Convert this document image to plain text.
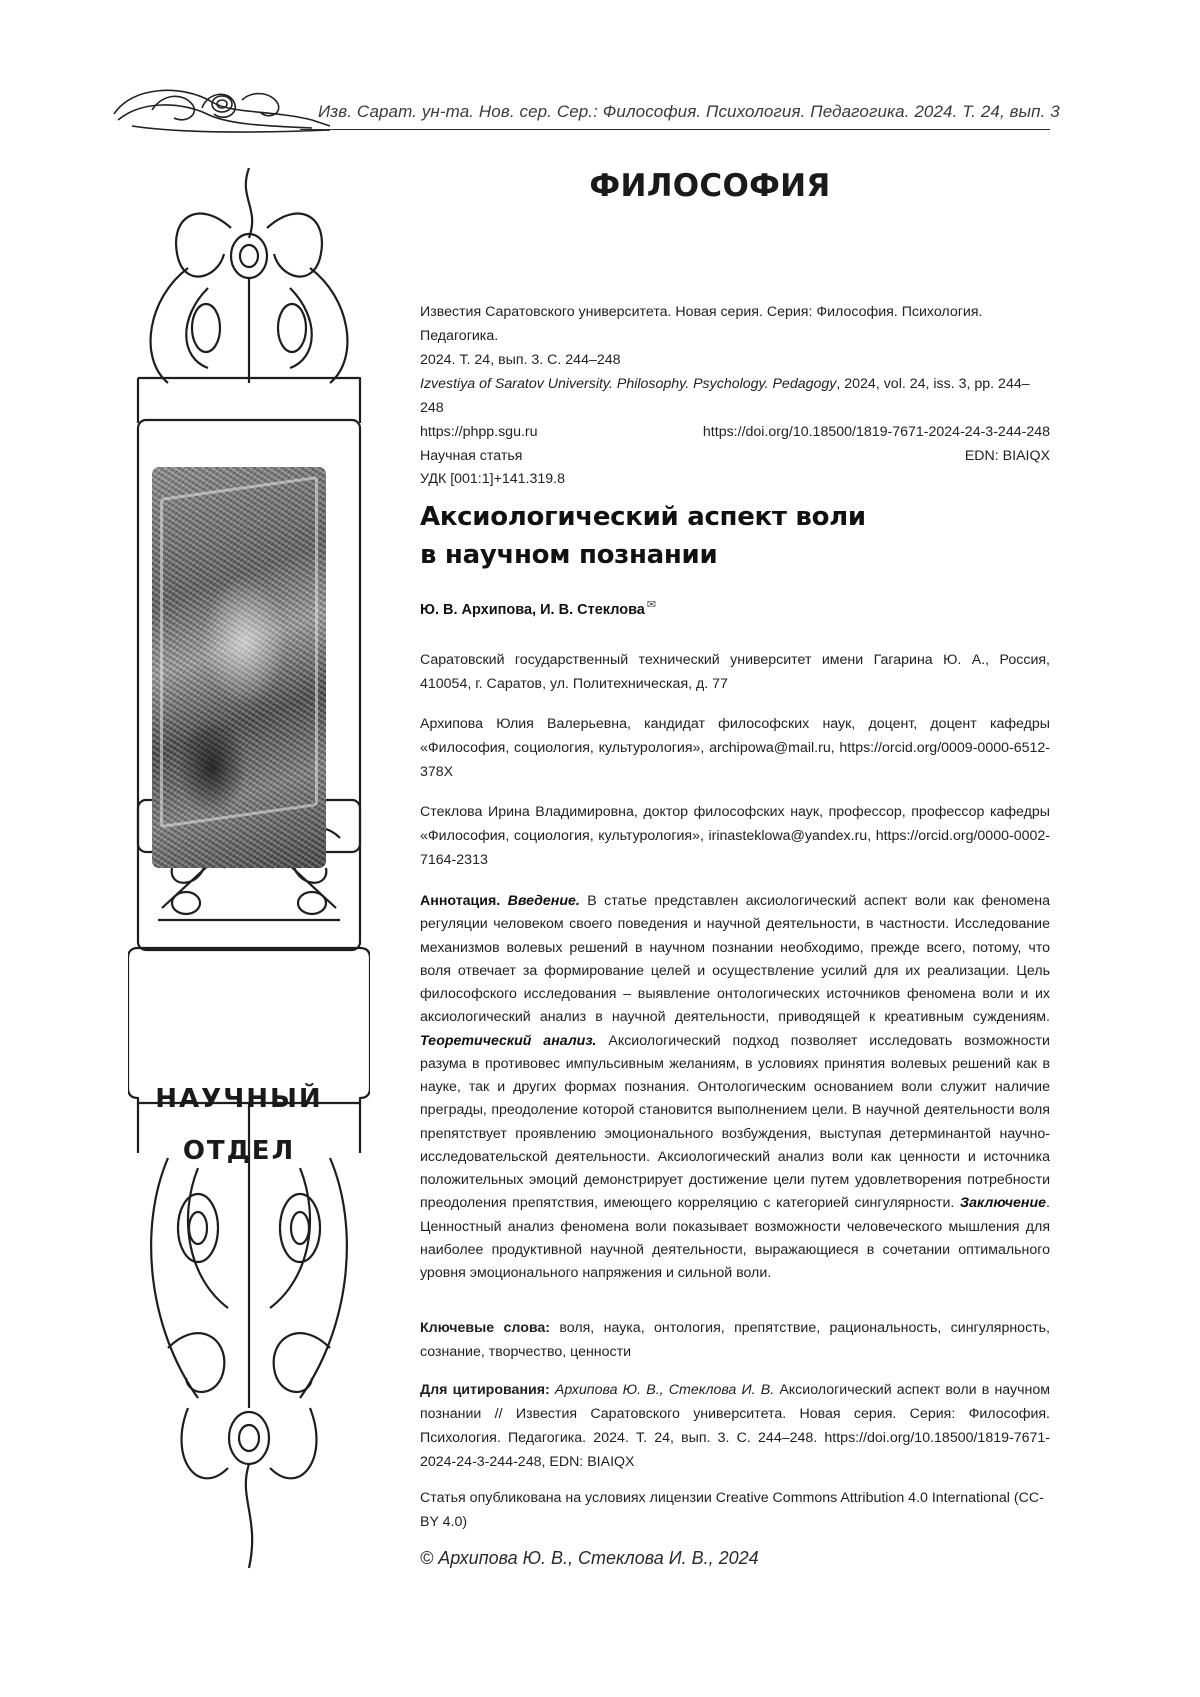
Изв. Сарат. ун-та. Нов. сер. Сер.: Философия. Психология. Педагогика. 2024. Т. 24, вып. 3
НАУЧНЫЙ
ОТДЕЛ
ФИЛОСОФИЯ
Известия Саратовского университета. Новая серия. Серия: Философия. Психология. Педагогика.
2024. Т. 24, вып. 3. С. 244–248
Izvestiya of Saratov University. Philosophy. Psychology. Pedagogy, 2024, vol. 24, iss. 3, pp. 244–248
https://phpp.sgu.ru	https://doi.org/10.18500/1819-7671-2024-24-3-244-248
EDN: BIAIQX
Научная статья
УДК [001:1]+141.319.8
Аксиологический аспект воли
в научном познании
Ю. В. Архипова, И. В. Стеклова ✉
Саратовский государственный технический университет имени Гагарина Ю. А., Россия, 410054, г. Саратов, ул. Политехническая, д. 77
Архипова Юлия Валерьевна, кандидат философских наук, доцент, доцент кафедры «Философия, социология, культурология», archipowa@mail.ru, https://orcid.org/0009-0000-6512-378X
Стеклова Ирина Владимировна, доктор философских наук, профессор, профессор кафедры «Философия, социология, культурология», irinasteklowa@yandex.ru, https://orcid.org/0000-0002-7164-2313
Аннотация. Введение. В статье представлен аксиологический аспект воли как феномена регуляции человеком своего поведения и научной деятельности, в частности. Исследование механизмов волевых решений в научном познании необходимо, прежде всего, потому, что воля отвечает за формирование целей и осуществление усилий для их реализации. Цель философского исследования – выявление онтологических источников феномена воли и их аксиологический анализ в научной деятельности, приводящей к креативным суждениям. Теоретический анализ. Аксиологический подход позволяет исследовать возможности разума в противовес импульсивным желаниям, в условиях принятия волевых решений как в науке, так и других формах познания. Онтологическим основанием воли служит наличие преграды, преодоление которой становится выполнением цели. В научной деятельности воля препятствует проявлению эмоционального возбуждения, выступая детерминантой научно-исследовательской деятельности. Аксиологический анализ воли как ценности и источника положительных эмоций демонстрирует достижение цели путем удовлетворения потребности преодоления препятствия, имеющего корреляцию с категорией сингулярности. Заключение. Ценностный анализ феномена воли показывает возможности человеческого мышления для наиболее продуктивной научной деятельности, выражающиеся в сочетании оптимального уровня эмоционального напряжения и сильной воли.
Ключевые слова: воля, наука, онтология, препятствие, рациональность, сингулярность, сознание, творчество, ценности
Для цитирования: Архипова Ю. В., Стеклова И. В. Аксиологический аспект воли в научном познании // Известия Саратовского университета. Новая серия. Серия: Философия. Психология. Педагогика. 2024. Т. 24, вып. 3. С. 244–248. https://doi.org/10.18500/1819-7671-2024-24-3-244-248, EDN: BIAIQX
Статья опубликована на условиях лицензии Creative Commons Attribution 4.0 International (CC-BY 4.0)
© Архипова Ю. В., Стеклова И. В., 2024
